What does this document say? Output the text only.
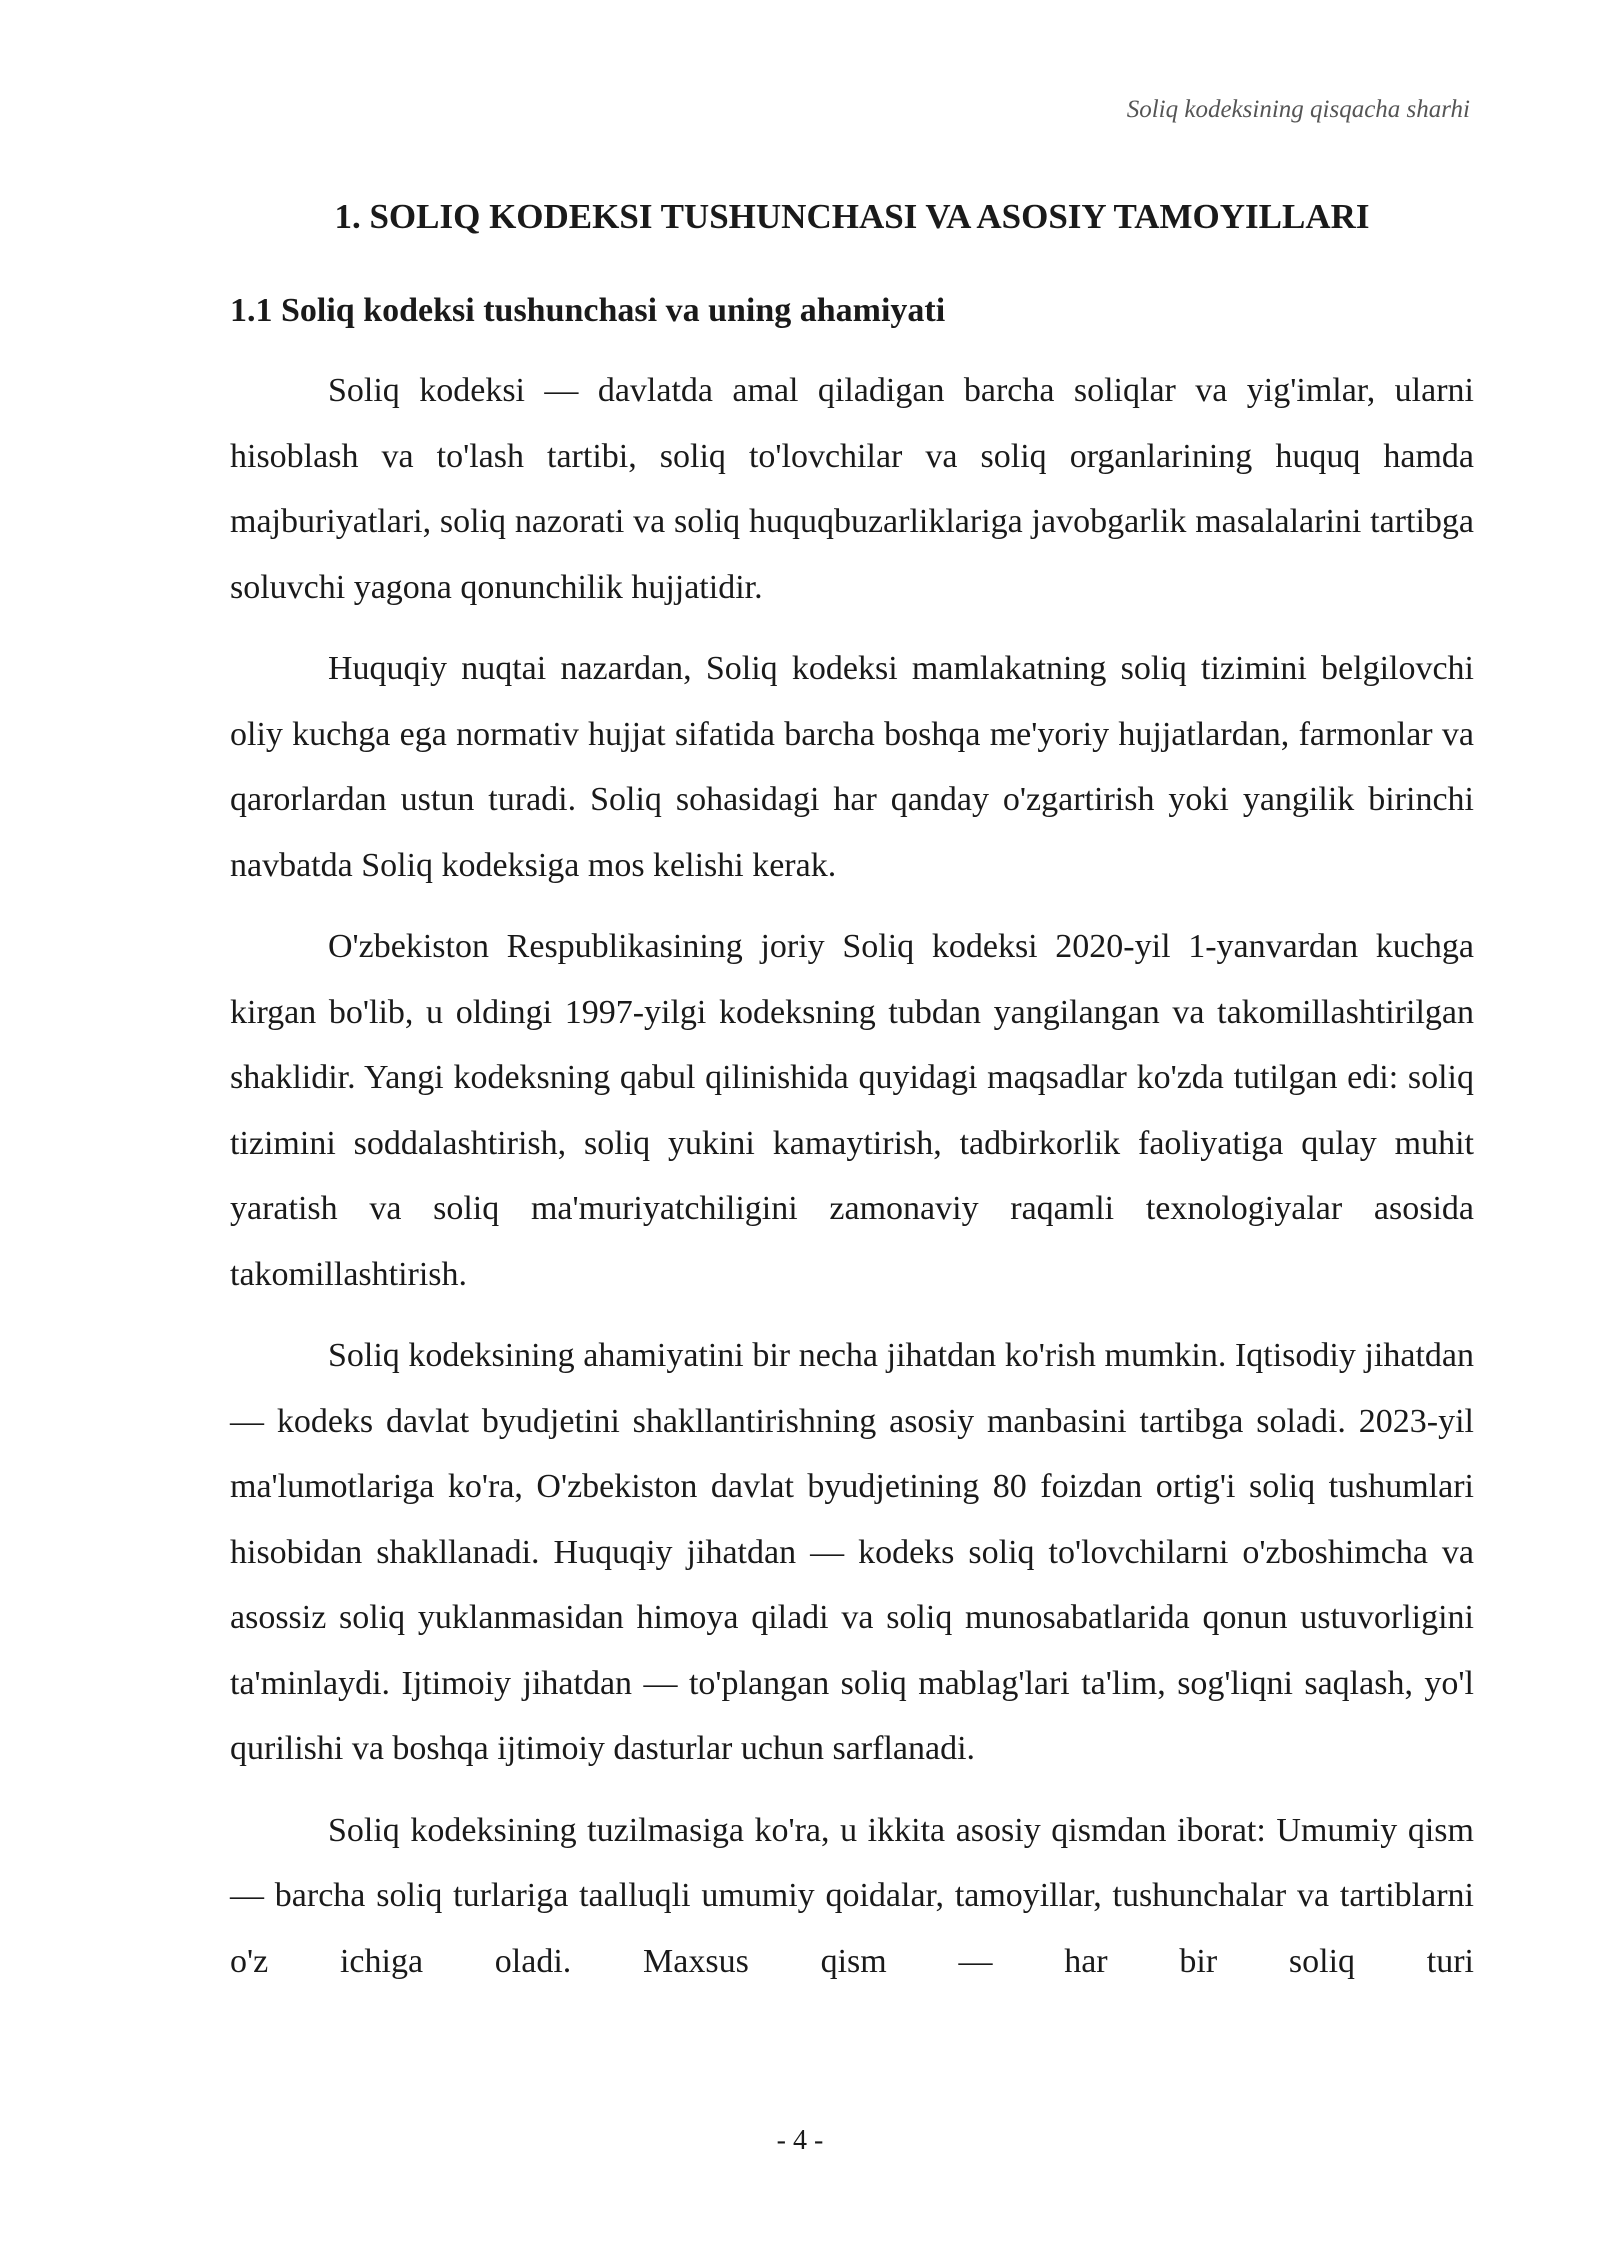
Soliq kodeksining qisqacha sharhi
1. SOLIQ KODEKSI TUSHUNCHASI VA ASOSIY TAMOYILLARI
1.1 Soliq kodeksi tushunchasi va uning ahamiyati

Soliq kodeksi — davlatda amal qiladigan barcha soliqlar va yig'imlar, ularni hisoblash va to'lash tartibi, soliq to'lovchilar va soliq organlarining huquq hamda majburiyatlari, soliq nazorati va soliq huquqbuzarliklariga javobgarlik masalalarini tartibga soluvchi yagona qonunchilik hujjatidir.

Huquqiy nuqtai nazardan, Soliq kodeksi mamlakatning soliq tizimini belgilovchi oliy kuchga ega normativ hujjat sifatida barcha boshqa me'yoriy hujjatlardan, farmonlar va qarorlardan ustun turadi. Soliq sohasidagi har qanday o'zgartirish yoki yangilik birinchi navbatda Soliq kodeksiga mos kelishi kerak.

O'zbekiston Respublikasining joriy Soliq kodeksi 2020-yil 1-yanvardan kuchga kirgan bo'lib, u oldingi 1997-yilgi kodeksning tubdan yangilangan va takomillashtirilgan shaklidir. Yangi kodeksning qabul qilinishida quyidagi maqsadlar ko'zda tutilgan edi: soliq tizimini soddalashtirish, soliq yukini kamaytirish, tadbirkorlik faoliyatiga qulay muhit yaratish va soliq ma'muriyatchiligini zamonaviy raqamli texnologiyalar asosida takomillashtirish.

Soliq kodeksining ahamiyatini bir necha jihatdan ko'rish mumkin. Iqtisodiy jihatdan — kodeks davlat byudjetini shakllantirishning asosiy manbasini tartibga soladi. 2023-yil ma'lumotlariga ko'ra, O'zbekiston davlat byudjetining 80 foizdan ortig'i soliq tushumlari hisobidan shakllanadi. Huquqiy jihatdan — kodeks soliq to'lovchilarni o'zboshimcha va asossiz soliq yuklanmasidan himoya qiladi va soliq munosabatlarida qonun ustuvorligini ta'minlaydi. Ijtimoiy jihatdan — to'plangan soliq mablag'lari ta'lim, sog'liqni saqlash, yo'l qurilishi va boshqa ijtimoiy dasturlar uchun sarflanadi.

Soliq kodeksining tuzilmasiga ko'ra, u ikkita asosiy qismdan iborat: Umumiy qism — barcha soliq turlariga taalluqli umumiy qoidalar, tamoyillar, tushunchalar va tartiblarni o'z ichiga oladi. Maxsus qism — har bir soliq turi

- 4 -
